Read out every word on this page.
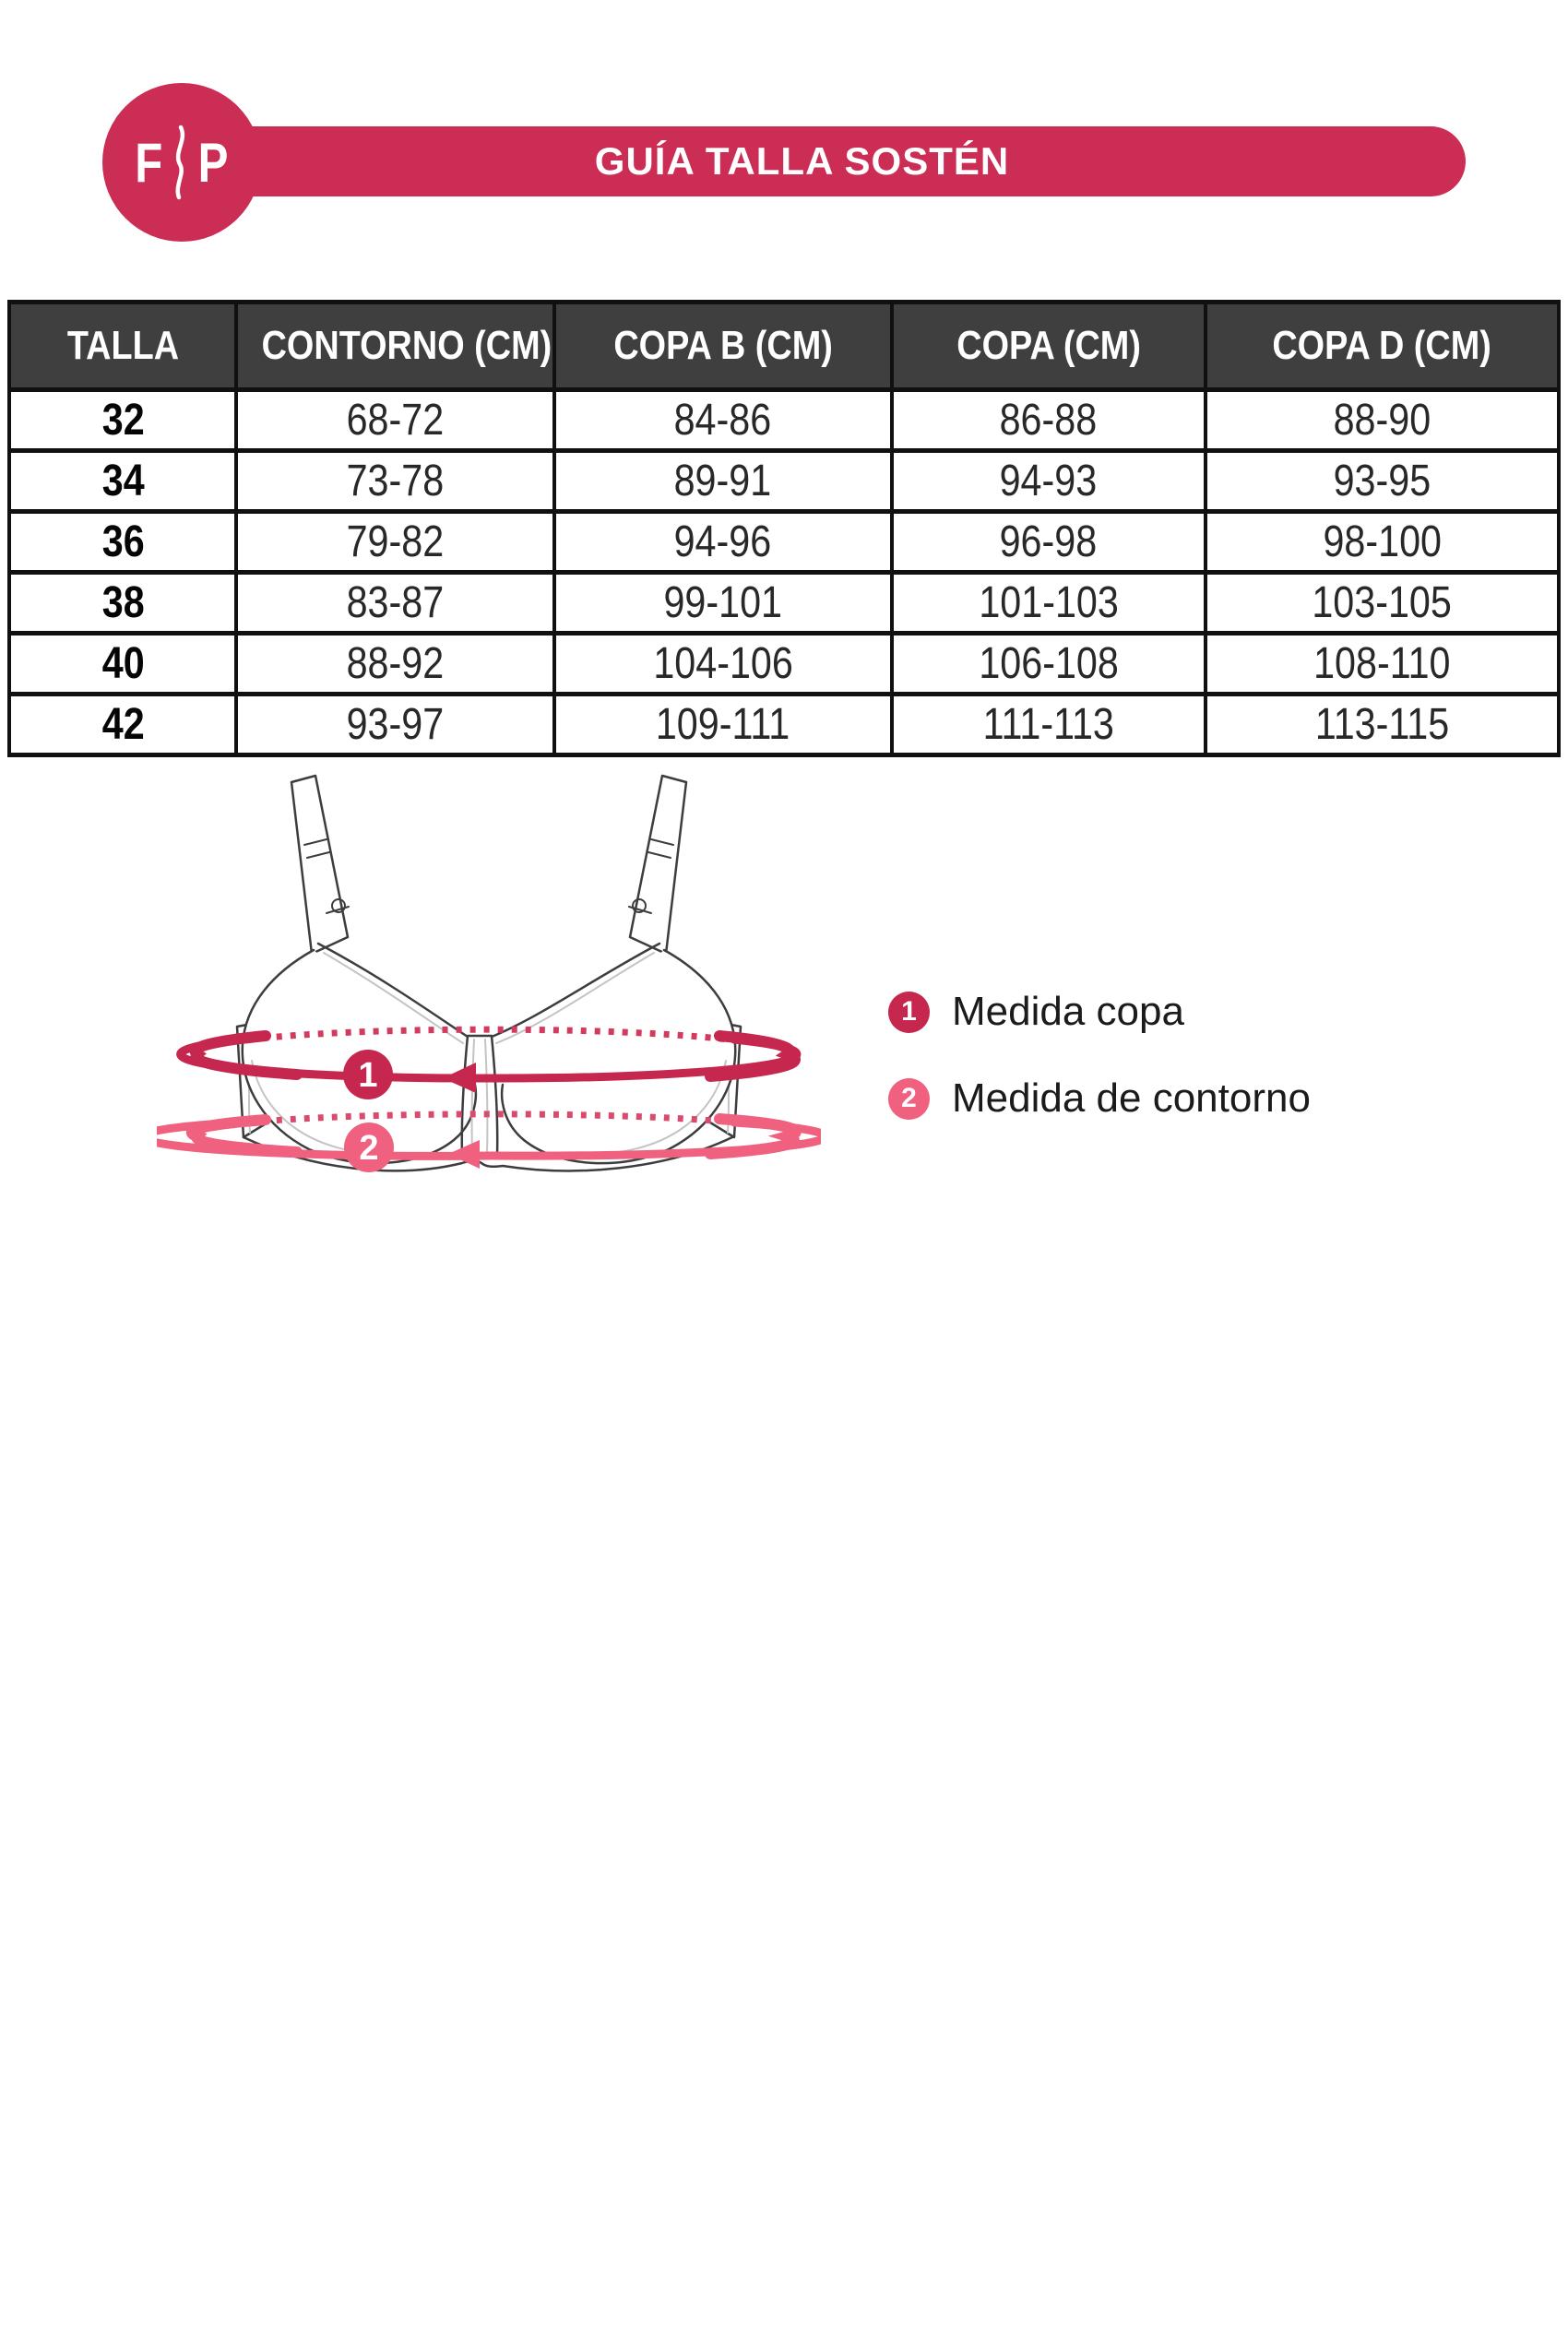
GUÍA TALLA SOSTÉN
F P
TALLA	CONTORNO (CM)	COPA B (CM)	COPA (CM)	COPA D (CM)
32	68-72	84-86	86-88	88-90
34	73-78	89-91	94-93	93-95
36	79-82	94-96	96-98	98-100
38	83-87	99-101	101-103	103-105
40	88-92	104-106	106-108	108-110
42	93-97	109-111	111-113	113-115
1
2
1 Medida copa
2 Medida de contorno
